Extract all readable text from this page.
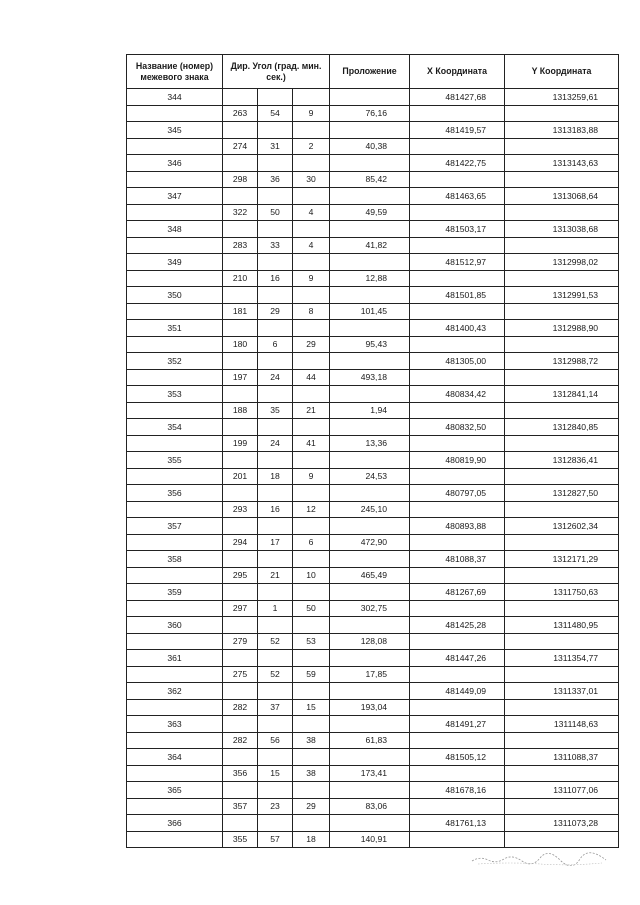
Название (номер) межевого знака	Дир. Угол (град. мин. сек.)			Проложение	X Координата	Y Координата
344					481427,68	1313259,61
	263	54	9	76,16		
345					481419,57	1313183,88
	274	31	2	40,38		
346					481422,75	1313143,63
	298	36	30	85,42		
347					481463,65	1313068,64
	322	50	4	49,59		
348					481503,17	1313038,68
	283	33	4	41,82		
349					481512,97	1312998,02
	210	16	9	12,88		
350					481501,85	1312991,53
	181	29	8	101,45		
351					481400,43	1312988,90
	180	6	29	95,43		
352					481305,00	1312988,72
	197	24	44	493,18		
353					480834,42	1312841,14
	188	35	21	1,94		
354					480832,50	1312840,85
	199	24	41	13,36		
355					480819,90	1312836,41
	201	18	9	24,53		
356					480797,05	1312827,50
	293	16	12	245,10		
357					480893,88	1312602,34
	294	17	6	472,90		
358					481088,37	1312171,29
	295	21	10	465,49		
359					481267,69	1311750,63
	297	1	50	302,75		
360					481425,28	1311480,95
	279	52	53	128,08		
361					481447,26	1311354,77
	275	52	59	17,85		
362					481449,09	1311337,01
	282	37	15	193,04		
363					481491,27	1311148,63
	282	56	38	61,83		
364					481505,12	1311088,37
	356	15	38	173,41		
365					481678,16	1311077,06
	357	23	29	83,06		
366					481761,13	1311073,28
	355	57	18	140,91		
